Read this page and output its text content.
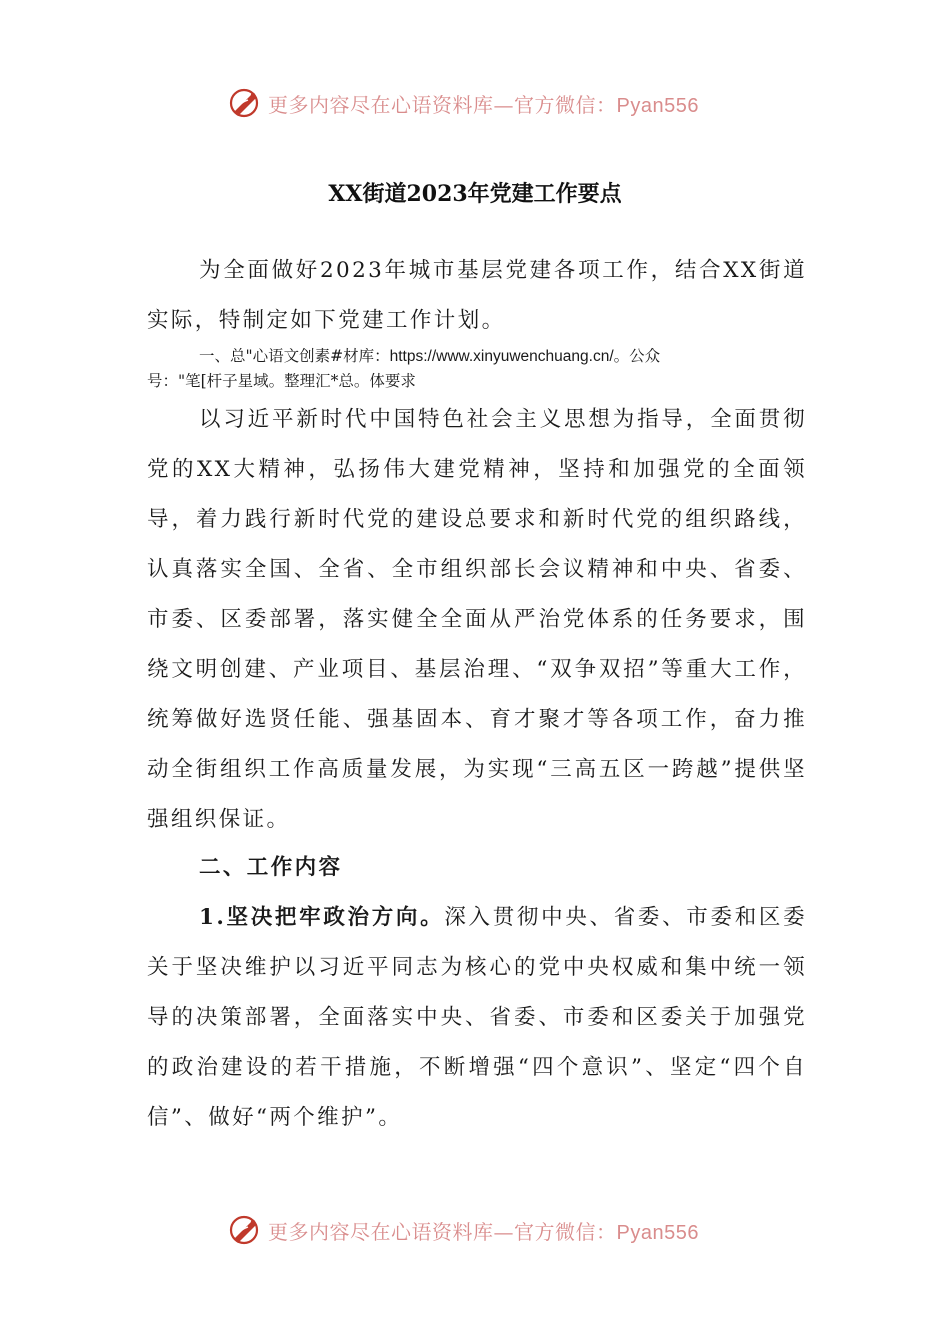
更多内容尽在心语资料库—官方微信：Pyan556
XX街道2023年党建工作要点

为全面做好2023年城市基层党建各项工作，结合XX街道实际，特制定如下党建工作计划。

一、总"心语文创素#材库：https://www.xinyuwenchuang.cn/。公众
号："笔[杆子星域。整理汇*总。体要求

以习近平新时代中国特色社会主义思想为指导，全面贯彻党的XX大精神，弘扬伟大建党精神，坚持和加强党的全面领导，着力践行新时代党的建设总要求和新时代党的组织路线，认真落实全国、全省、全市组织部长会议精神和中央、省委、市委、区委部署，落实健全全面从严治党体系的任务要求，围绕文明创建、产业项目、基层治理、“双争双招”等重大工作，统筹做好选贤任能、强基固本、育才聚才等各项工作，奋力推动全街组织工作高质量发展，为实现“三高五区一跨越”提供坚强组织保证。

二、工作内容

1.坚决把牢政治方向。深入贯彻中央、省委、市委和区委关于坚决维护以习近平同志为核心的党中央权威和集中统一领导的决策部署，全面落实中央、省委、市委和区委关于加强党的政治建设的若干措施，不断增强“四个意识”、坚定“四个自信”、做好“两个维护”。

更多内容尽在心语资料库—官方微信：Pyan556
